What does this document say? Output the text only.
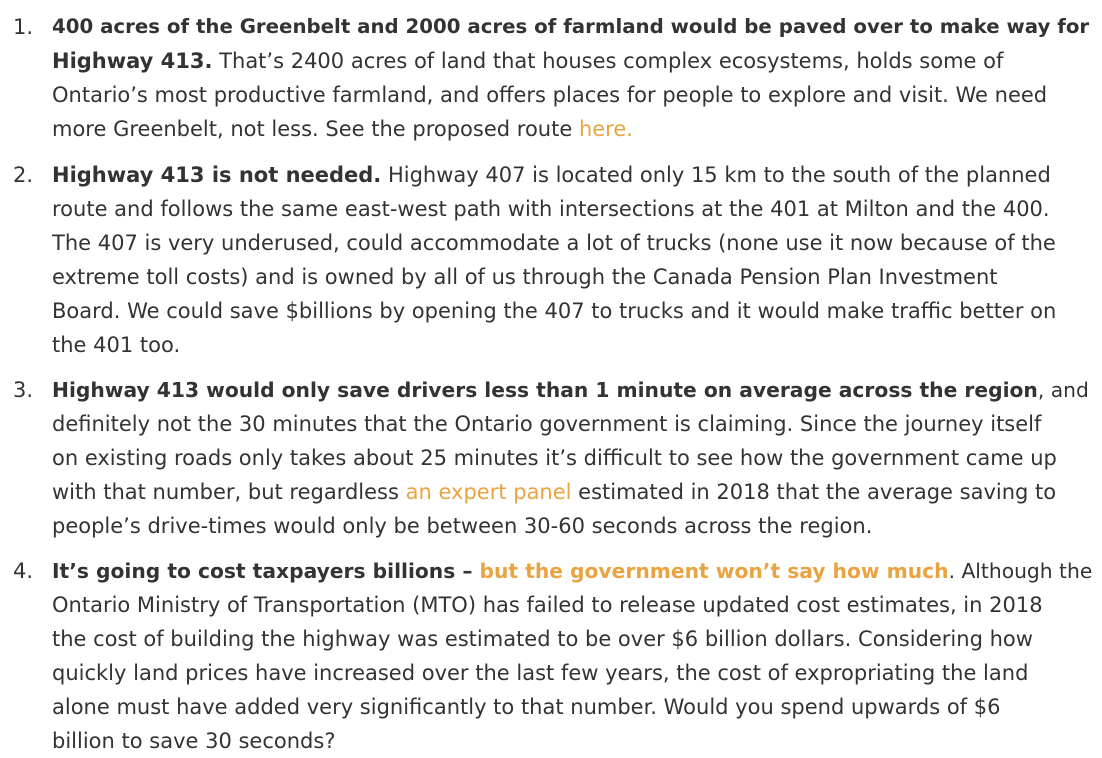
1. 400 acres of the Greenbelt and 2000 acres of farmland would be paved over to make way for
Highway 413. That’s 2400 acres of land that houses complex ecosystems, holds some of
Ontario’s most productive farmland, and offers places for people to explore and visit. We need
more Greenbelt, not less. See the proposed route here.
2. Highway 413 is not needed. Highway 407 is located only 15 km to the south of the planned
route and follows the same east-west path with intersections at the 401 at Milton and the 400.
The 407 is very underused, could accommodate a lot of trucks (none use it now because of the
extreme toll costs) and is owned by all of us through the Canada Pension Plan Investment
Board. We could save $billions by opening the 407 to trucks and it would make traffic better on
the 401 too.
3. Highway 413 would only save drivers less than 1 minute on average across the region, and
definitely not the 30 minutes that the Ontario government is claiming. Since the journey itself
on existing roads only takes about 25 minutes it’s difficult to see how the government came up
with that number, but regardless an expert panel estimated in 2018 that the average saving to
people’s drive-times would only be between 30-60 seconds across the region.
4. It’s going to cost taxpayers billions – but the government won’t say how much. Although the
Ontario Ministry of Transportation (MTO) has failed to release updated cost estimates, in 2018
the cost of building the highway was estimated to be over $6 billion dollars. Considering how
quickly land prices have increased over the last few years, the cost of expropriating the land
alone must have added very significantly to that number. Would you spend upwards of $6
billion to save 30 seconds?
